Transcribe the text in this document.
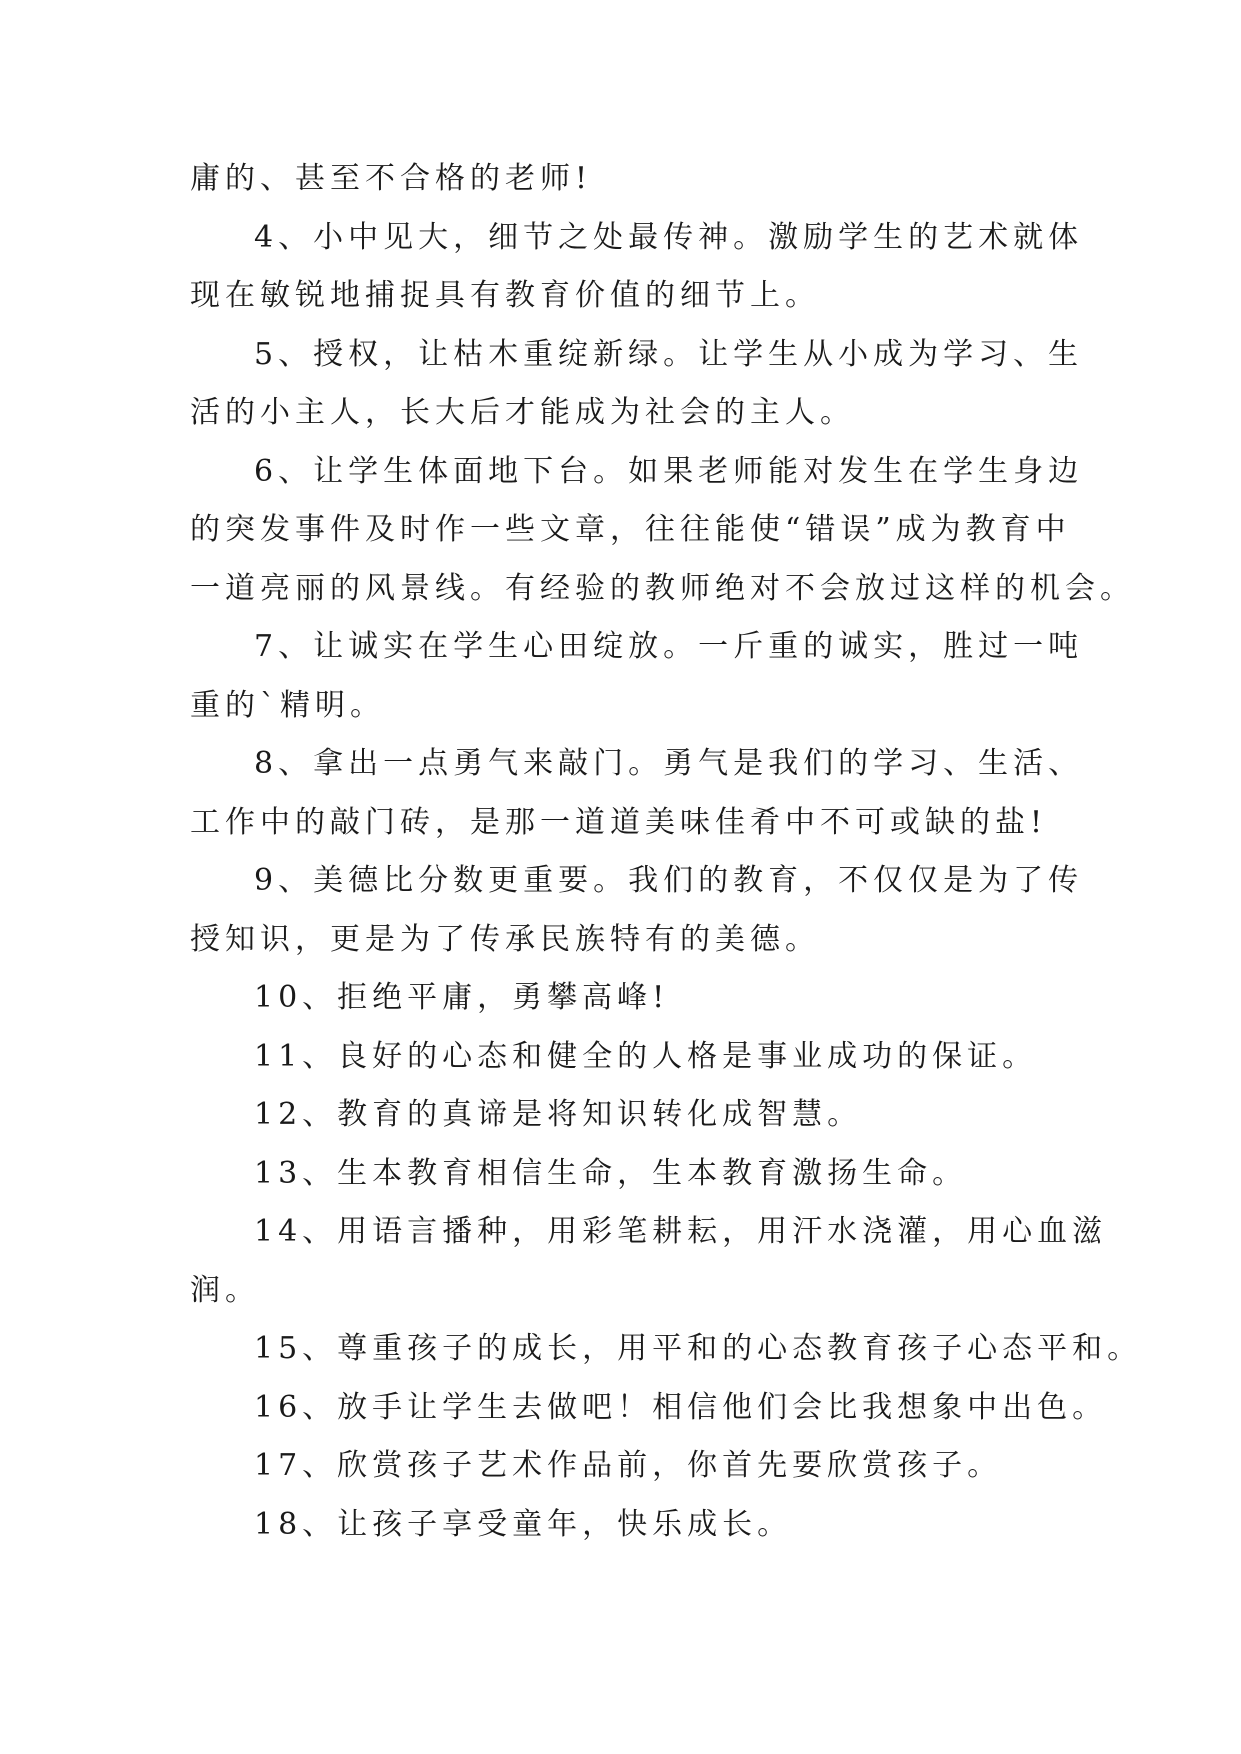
庸的、甚至不合格的老师!
4、小中见大，细节之处最传神。激励学生的艺术就体
现在敏锐地捕捉具有教育价值的细节上。
5、授权，让枯木重绽新绿。让学生从小成为学习、生
活的小主人，长大后才能成为社会的主人。
6、让学生体面地下台。如果老师能对发生在学生身边
的突发事件及时作一些文章，往往能使“错误”成为教育中
一道亮丽的风景线。有经验的教师绝对不会放过这样的机会。
7、让诚实在学生心田绽放。一斤重的诚实，胜过一吨
重的`精明。
8、拿出一点勇气来敲门。勇气是我们的学习、生活、
工作中的敲门砖，是那一道道美味佳肴中不可或缺的盐!
9、美德比分数更重要。我们的教育，不仅仅是为了传
授知识，更是为了传承民族特有的美德。
10、拒绝平庸，勇攀高峰!
11、良好的心态和健全的人格是事业成功的保证。
12、教育的真谛是将知识转化成智慧。
13、生本教育相信生命，生本教育激扬生命。
14、用语言播种，用彩笔耕耘，用汗水浇灌，用心血滋
润。
15、尊重孩子的成长，用平和的心态教育孩子心态平和。
16、放手让学生去做吧！相信他们会比我想象中出色。
17、欣赏孩子艺术作品前，你首先要欣赏孩子。
18、让孩子享受童年，快乐成长。
